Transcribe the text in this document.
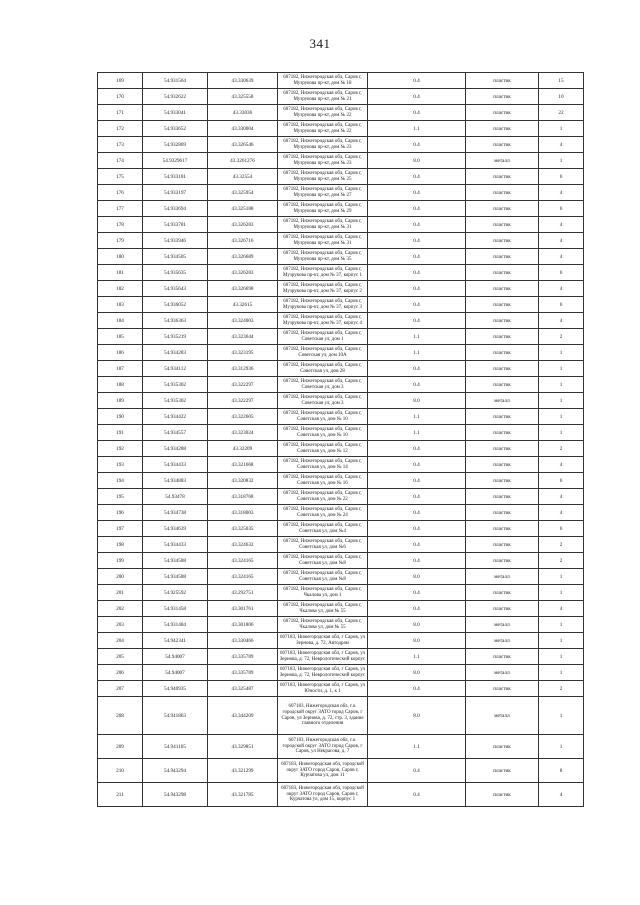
341
169	54.931564	43.330639	607182, Нижегородская обл, Саров г, Музрукова пр-кт, дом № 18	0.4	пластик	15
170	54.932622	43.325558	607182, Нижегородская обл, Саров г, Музрукова пр-кт, дом № 21	0.4	пластик	10
171	54.933041	43.33036	607182, Нижегородская обл, Саров г, Музрукова пр-кт, дом № 22	0.4	пластик	22
172	54.933652	43.330004	607182, Нижегородская обл, Саров г, Музрукова пр-кт, дом № 22	1.1	пластик	1
173	54.932869	43.326546	607182, Нижегородская обл, Саров г, Музрукова пр-кт, дом № 23	0.4	пластик	4
174	54.9329617	43.3261276	607182, Нижегородская обл, Саров г, Музрукова пр-кт, дом № 23	8.0	металл	1
175	54.933181	43.32554	607182, Нижегородская обл, Саров г, Музрукова пр-кт, дом № 25	0.4	пластик	6
176	54.933197	43.325954	607182, Нижегородская обл, Саров г, Музрукова пр-кт, дом № 27	0.4	пластик	4
177	54.933694	43.325188	607182, Нижегородская обл, Саров г, Музрукова пр-кт, дом № 29	0.4	пластик	6
178	54.933781	43.326283	607182, Нижегородская обл, Саров г, Музрукова пр-кт, дом № 31	0.4	пластик	4
179	54.933946	43.326716	607182, Нижегородская обл, Саров г, Музрукова пр-кт, дом № 31	0.4	пластик	4
180	54.934505	43.326689	607182, Нижегородская обл, Саров г, Музрукова пр-кт, дом № 35	0.4	пластик	4
181	54.935635	43.326283	607182, Нижегородская обл, Саров г, Музрукова пр-кт, дом № 37, корпус 1	0.4	пластик	6
182	54.935643	43.326698	607182, Нижегородская обл, Саров г, Музрукова пр-кт, дом № 37, корпус 2	0.4	пластик	4
183	54.936052	43.32615	607182, Нижегородская обл, Саров г, Музрукова пр-кт, дом № 37, корпус 3	0.4	пластик	6
184	54.936363	43.324003	607182, Нижегородская обл, Саров г, Музрукова пр-кт, дом № 37, корпус 4	0.4	пластик	4
185	54.935219	43.323644	607182, Нижегородская обл, Саров г, Советская ул, дом 1	1.1	пластик	2
186	54.934283	43.323195	607182, Нижегородская обл, Саров г, Советская ул, дом 10А	1.1	пластик	1
187	54.934112	43.312936	607182, Нижегородская обл, Саров г, Советская ул, дом 28	0.4	пластик	1
188	54.935302	43.322297	607182, Нижегородская обл, Саров г, Советская ул, дом 3	0.4	пластик	1
189	54.935302	43.322297	607182, Нижегородская обл, Саров г, Советская ул, дом 3	8.0	металл	1
190	54.934422	43.322605	607182, Нижегородская обл, Саров г, Советская ул, дом № 10	1.1	пластик	1
191	54.934557	43.323024	607182, Нижегородская обл, Саров г, Советская ул, дом № 10	1.1	пластик	1
192	54.934288	43.32209	607182, Нижегородская обл, Саров г, Советская ул, дом № 12	0.4	пластик	2
193	54.934433	43.321668	607182, Нижегородская обл, Саров г, Советская ул, дом № 14	0.4	пластик	4
194	54.934883	43.320832	607182, Нижегородская обл, Саров г, Советская ул, дом № 16	0.4	пластик	6
195	54.93478	43.318768	607182, Нижегородская обл, Саров г, Советская ул, дом № 22	0.4	пластик	4
196	54.934738	43.318003	607182, Нижегородская обл, Саров г, Советская ул, дом № 24	0.4	пластик	4
197	54.934639	43.325035	607182, Нижегородская обл, Саров г, Советская ул, дом №4	0.4	пластик	6
198	54.934433	43.324632	607182, Нижегородская обл, Саров г, Советская ул, дом №6	0.4	пластик	2
199	54.934588	43.324165	607182, Нижегородская обл, Саров г, Советская ул, дом №8	0.4	пластик	2
200	54.934588	43.324165	607182, Нижегородская обл, Саров г, Советская ул, дом №8	8.0	металл	1
201	54.925592	43.292751	607182, Нижегородская обл, Саров г, Чкалова ул, дом 1	0.4	пластик	1
202	54.931458	43.301761	607182, Нижегородская обл, Саров г, Чкалова ул, дом № 55	0.4	пластик	4
203	54.931484	43.301806	607182, Нижегородская обл, Саров г, Чкалова ул, дом № 55	8.0	металл	1
204	54.942341	43.330466	607183, Нижегородская обл, г Саров, ул Зернова, д. 72, Автодрам	8.0	металл	1
205	54.94007	43.335789	607183, Нижегородская обл, г Саров, ул Зернова, д. 72, Неврологический корпус	1.1	пластик	1
206	54.94007	43.335789	607183, Нижегородская обл, г Саров, ул Зернова, д. 72, Неврологический корпус	8.0	металл	1
207	54.940935	43.325487	607183, Нижегородская обл, г Саров, ул Юности, д. 1, к 1	0.4	пластик	2
208	54.941863	43.344209	607183, Нижегородская обл, г.о. городской округ ЗАТО город Саров, г Саров, ул Зернова, д. 72, стр. 3, здание главного отделения	8.0	металл	1
209	54.941105	43.329851	607183, Нижегородская обл, г.о. городской округ ЗАТО город Саров, г Саров, ул Некрасова, д. 7	1.1	пластик	1
210	54.943294	43.321299	607183, Нижегородская обл, городской округ ЗАТО город Саров, Саров г, Курчатова ул, дом 11	0.4	пластик	8
211	54.943298	43.321785	607183, Нижегородская обл, городской округ ЗАТО город Саров, Саров г, Курчатова ул, дом 15, корпус 1	0.4	пластик	4
